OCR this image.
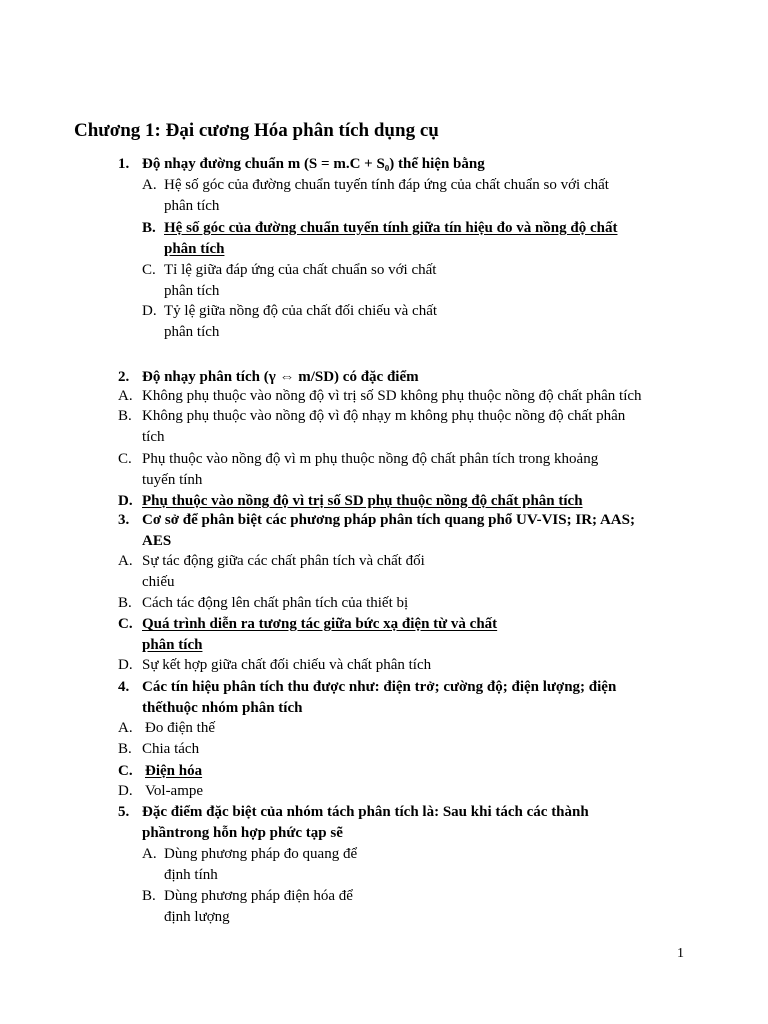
Chương 1: Đại cương Hóa phân tích dụng cụ
1. Độ nhạy đường chuẩn m (S = m.C + S₀) thể hiện bằng
A. Hệ số góc của đường chuẩn tuyến tính đáp ứng của chất chuẩn so với chất
phân tích
B. Hệ số góc của đường chuẩn tuyến tính giữa tín hiệu đo và nồng độ chất
phân tích
C. Tỉ lệ giữa đáp ứng của chất chuẩn so với chất
phân tích
D. Tỷ lệ giữa nồng độ của chất đối chiếu và chất
phân tích
2. Độ nhạy phân tích (γ ⇔ m/SD) có đặc điểm
A. Không phụ thuộc vào nồng độ vì trị số SD không phụ thuộc nồng độ chất phân tích
B. Không phụ thuộc vào nồng độ vì độ nhạy m không phụ thuộc nồng độ chất phân
tích
C. Phụ thuộc vào nồng độ vì m phụ thuộc nồng độ chất phân tích trong khoảng
tuyến tính
D. Phụ thuộc vào nồng độ vì trị số SD phụ thuộc nồng độ chất phân tích
3. Cơ sở để phân biệt các phương pháp phân tích quang phổ UV-VIS; IR; AAS;
AES
A. Sự tác động giữa các chất phân tích và chất đối
chiếu
B. Cách tác động lên chất phân tích của thiết bị
C. Quá trình diễn ra tương tác giữa bức xạ điện từ và chất
phân tích
D. Sự kết hợp giữa chất đối chiếu và chất phân tích
4. Các tín hiệu phân tích thu được như: điện trở; cường độ; điện lượng; điện
thếthuộc nhóm phân tích
A. Đo điện thế
B. Chia tách
C. Điện hóa
D. Vol-ampe
5. Đặc điểm đặc biệt của nhóm tách phân tích là: Sau khi tách các thành
phầntrong hỗn hợp phức tạp sẽ
A. Dùng phương pháp đo quang để
định tính
B. Dùng phương pháp điện hóa để
định lượng
1
